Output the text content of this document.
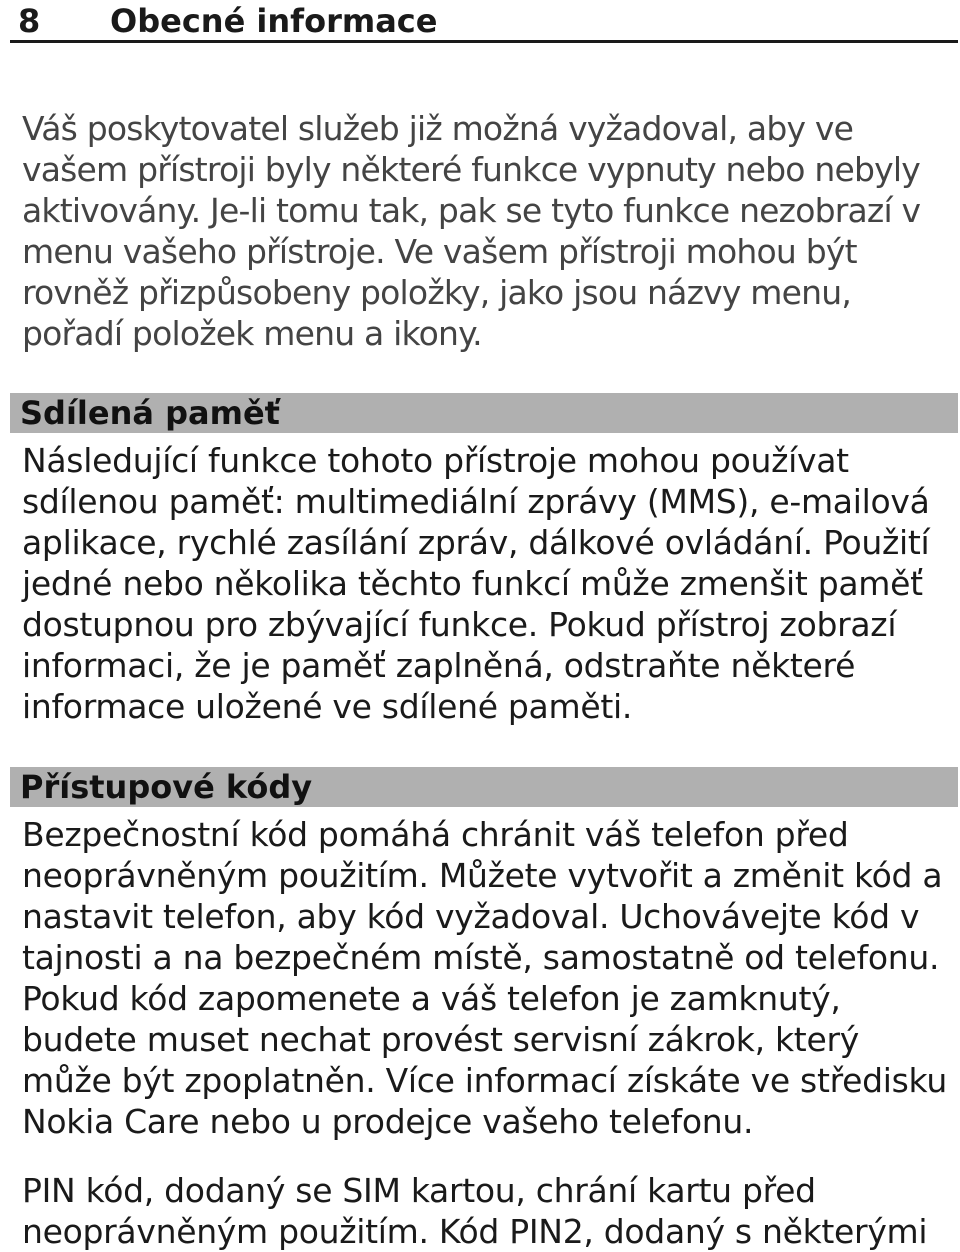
8 Obecné informace

Váš poskytovatel služeb již možná vyžadoval, aby ve vašem přístroji byly některé funkce vypnuty nebo nebyly aktivovány. Je-li tomu tak, pak se tyto funkce nezobrazí v menu vašeho přístroje. Ve vašem přístroji mohou být rovněž přizpůsobeny položky, jako jsou názvy menu, pořadí položek menu a ikony.

Sdílená paměť

Následující funkce tohoto přístroje mohou používat sdílenou paměť: multimediální zprávy (MMS), e-mailová aplikace, rychlé zasílání zpráv, dálkové ovládání. Použití jedné nebo několika těchto funkcí může zmenšit paměť dostupnou pro zbývající funkce. Pokud přístroj zobrazí informaci, že je paměť zaplněná, odstraňte některé informace uložené ve sdílené paměti.

Přístupové kódy

Bezpečnostní kód pomáhá chránit váš telefon před neoprávněným použitím. Můžete vytvořit a změnit kód a nastavit telefon, aby kód vyžadoval. Uchovávejte kód v tajnosti a na bezpečném místě, samostatně od telefonu. Pokud kód zapomenete a váš telefon je zamknutý, budete muset nechat provést servisní zákrok, který může být zpoplatněn. Více informací získáte ve středisku Nokia Care nebo u prodejce vašeho telefonu.

PIN kód, dodaný se SIM kartou, chrání kartu před neoprávněným použitím. Kód PIN2, dodaný s některými
